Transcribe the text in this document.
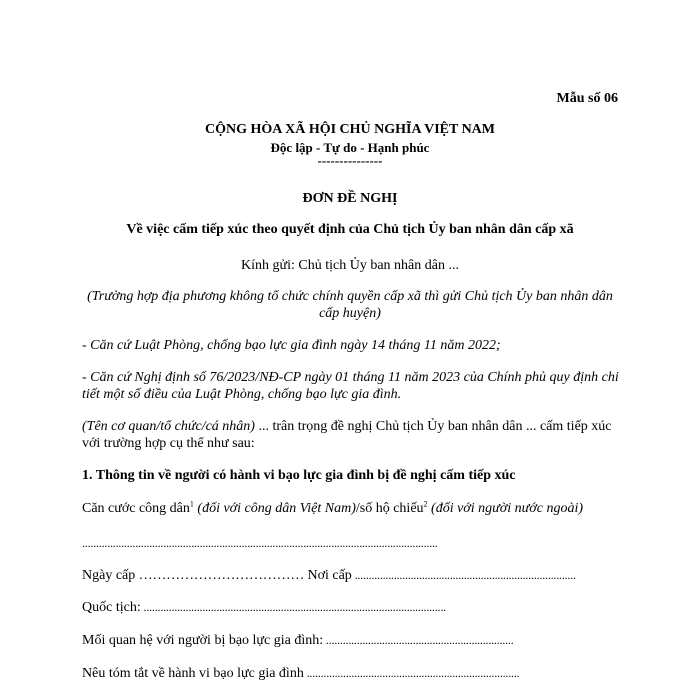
Mẫu số 06
CỘNG HÒA XÃ HỘI CHỦ NGHĨA VIỆT NAM
Độc lập - Tự do - Hạnh phúc
---------------
ĐƠN ĐỀ NGHỊ
Về việc cấm tiếp xúc theo quyết định của Chủ tịch Ủy ban nhân dân cấp xã
Kính gửi: Chủ tịch Ủy ban nhân dân ...
(Trường hợp địa phương không tổ chức chính quyền cấp xã thì gửi Chủ tịch Ủy ban nhân dân
cấp huyện)
- Căn cứ Luật Phòng, chống bạo lực gia đình ngày 14 tháng 11 năm 2022;
- Căn cứ Nghị định số 76/2023/NĐ-CP ngày 01 tháng 11 năm 2023 của Chính phủ quy định chi
tiết một số điều của Luật Phòng, chống bạo lực gia đình.
(Tên cơ quan/tổ chức/cá nhân) ... trân trọng đề nghị Chủ tịch Ủy ban nhân dân ... cấm tiếp xúc
với trường hợp cụ thể như sau:
1. Thông tin về người có hành vi bạo lực gia đình bị đề nghị cấm tiếp xúc
Căn cước công dân$^1$ (đối với công dân Việt Nam)/số hộ chiếu$^2$ (đối với người nước ngoài)
...............................................................................................................................
Ngày cấp ……………………………… Nơi cấp ...............................................................................
Quốc tịch: ............................................................................................................
Mối quan hệ với người bị bạo lực gia đình: ...................................................................
Nêu tóm tắt về hành vi bạo lực gia đình ............................................................................
